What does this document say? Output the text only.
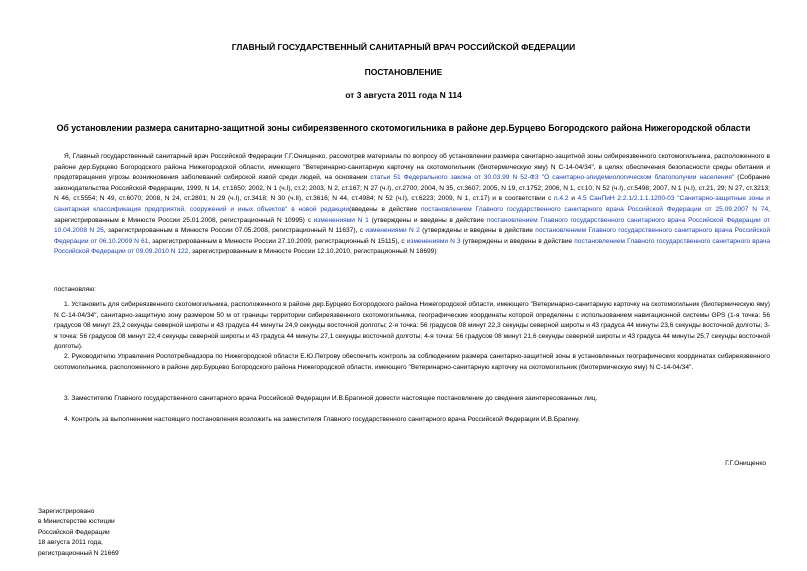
ГЛАВНЫЙ ГОСУДАРСТВЕННЫЙ САНИТАРНЫЙ ВРАЧ РОССИЙСКОЙ ФЕДЕРАЦИИ
ПОСТАНОВЛЕНИЕ
от 3 августа 2011 года N 114
Об установлении размера санитарно-защитной зоны сибиреязвенного скотомогильника в районе дер.Бурцево Богородского района Нижегородской области

Я, Главный государственный санитарный врач Российской Федерации Г.Г.Онищенко, рассмотрев материалы по вопросу об установлении размера санитарно-защитной зоны сибиреязвенного скотомогильника, расположенного в районе дер.Бурцево Богородского района Нижегородской области, имеющего "Ветеринарно-санитарную карточку на скотомогильник (биотермическую яму) N С-14-04/34", в целях обеспечения безопасности среды обитания и предотвращения угрозы возникновения заболеваний сибирской язвой среди людей, на основании статьи 51 Федерального закона от 30.03.99 N 52-ФЗ "О санитарно-эпидемиологическом благополучии населения" (Собрание законодательства Российской Федерации, 1999, N 14, ст.1650; 2002, N 1 (ч.I), ст.2; 2003, N 2, ст.167; N 27 (ч.I), ст.2700; 2004, N 35, ст.3607; 2005, N 19, ст.1752; 2006, N 1, ст.10; N 52 (ч.I), ст.5498; 2007, N 1 (ч.I), ст.21, 29; N 27, ст.3213; N 46, ст.5554; N 49, ст.6070; 2008, N 24, ст.2801; N 29 (ч.I), ст.3418; N 30 (ч.II), ст.3616; N 44, ст.4984; N 52 (ч.I), ст.6223; 2009, N 1, ст.17) и в соответствии с п.4.2 и 4.5 СанПиН 2.2.1/2.1.1.1200-03 "Санитарно-защитные зоны и санитарная классификация предприятий, сооружений и иных объектов" в новой редакции(введены в действие постановлением Главного государственного санитарного врача Российской Федерации от 25.09.2007 N 74, зарегистрированным в Минюсте России 25.01.2008, регистрационный N 10995) с изменениями N 1 (утверждены и введены в действие постановлением Главного государственного санитарного врача Российской Федерации от 10.04.2008 N 25, зарегистрированным в Минюсте России 07.05.2008, регистрационный N 11637), с изменениями N 2 (утверждены и введены в действие постановлением Главного государственного санитарного врача Российской Федерации от 06.10.2009 N 61, зарегистрированным в Минюсте России 27.10.2009, регистрационный N 15115), с изменениями N 3 (утверждены и введены в действие постановлением Главного государственного санитарного врача Российской Федерации от 09.09.2010 N 122, зарегистрированным в Минюсте России 12.10.2010, регистрационный N 18699)

постановляю:

1. Установить для сибиреязвенного скотомогильника, расположенного в районе дер.Бурцево Богородского района Нижегородской области, имеющего "Ветеринарно-санитарную карточку на скотомогильник (биотермическую яму) N С-14-04/34", санитарно-защитную зону размером 50 м от границы территории сибиреязвенного скотомогильника, географические координаты которой определены с использованием навигационной системы GPS (1-я точка: 56 градусов 08 минут 23,2 секунды северной широты и 43 градуса 44 минуты 24,9 секунды восточной долготы; 2-я точка: 56 градусов 08 минут 22,3 секунды северной широты и 43 градуса 44 минуты 23,6 секунды восточной долготы; 3-я точка: 56 градусов 08 минут 22,4 секунды северной широты и 43 градуса 44 минуты 27,1 секунды восточной долготы; 4-я точка: 56 градусов 08 минут 21,6 секунды северной широты и 43 градуса 44 минуты 25,7 секунды восточной долготы).

2. Руководителю Управления Роспотребнадзора по Нижегородской области Е.Ю.Петрову обеспечить контроль за соблюдением размера санитарно-защитной зоны в установленных географических координатах сибиреязвенного скотомогильника, расположенного в районе дер.Бурцево Богородского района Нижегородской области, имеющего "Ветеринарно-санитарную карточку на скотомогильник (биотермическую яму) N С-14-04/34".

3. Заместителю Главного государственного санитарного врача Российской Федерации И.В.Брагиной довести настоящее постановление до сведения заинтересованных лиц.

4. Контроль за выполнением настоящего постановления возложить на заместителя Главного государственного санитарного врача Российской Федерации И.В.Брагину.

Г.Г.Онищенко
Зарегистрировано
в Министерстве юстиции
Российской Федерации
18 августа 2011 года,
регистрационный N 21669
